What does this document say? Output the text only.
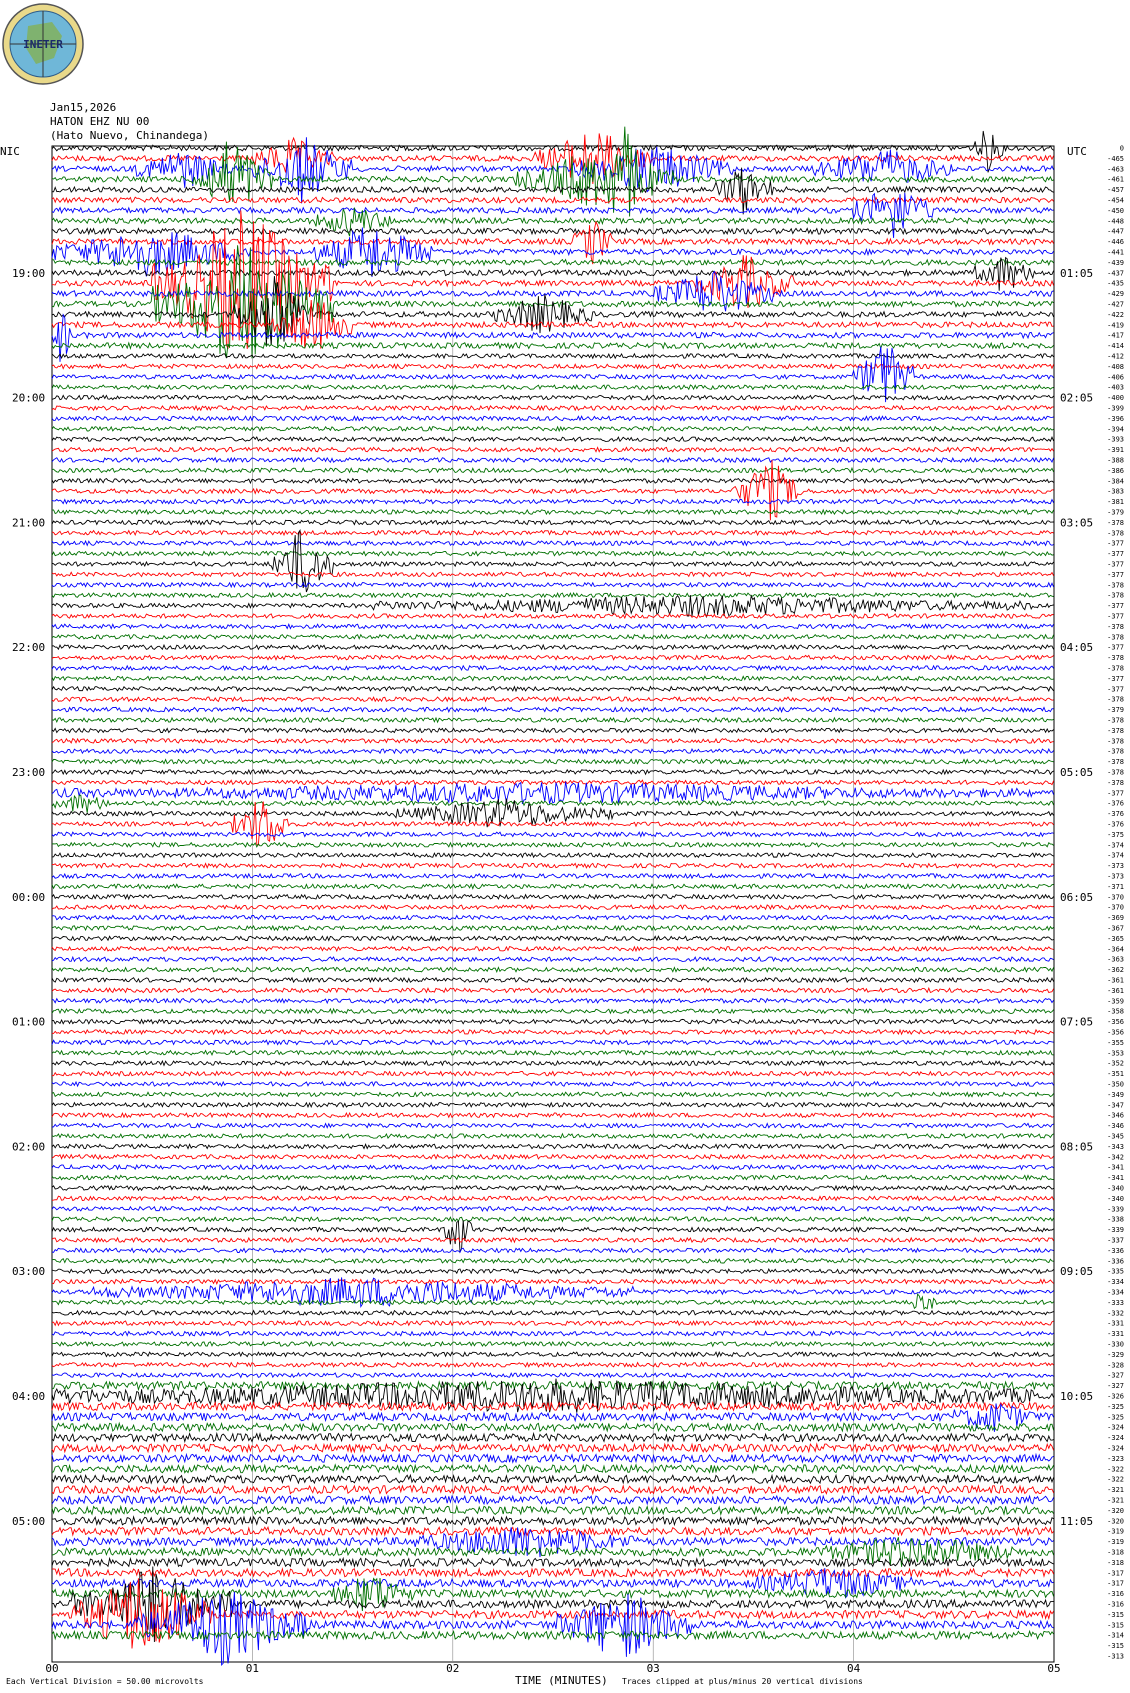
INETER
Jan15,2026
HATON EHZ NU 00
(Hato Nuevo, Chinandega)
NIC	UTC
19:00
20:00
21:00
22:00
23:00
00:00
01:00
02:00
03:00
04:00
05:00
01:05
02:05
03:05
04:05
05:05
06:05
07:05
08:05
09:05
10:05
11:05
0
-465
-463
-461
-457
-454
-450
-448
-447
-446
-441
-439
-437
-435
-429
-427
-422
-419
-417
-414
-412
-408
-406
-403
-400
-399
-396
-394
-393
-391
-388
-386
-384
-383
-381
-379
-378
-378
-377
-377
-377
-377
-378
-378
-377
-377
-378
-378
-377
-378
-378
-377
-377
-378
-379
-378
-378
-378
-378
-378
-378
-378
-377
-376
-376
-376
-375
-374
-374
-373
-373
-371
-370
-370
-369
-367
-365
-364
-363
-362
-361
-361
-359
-358
-356
-356
-355
-353
-352
-351
-350
-349
-347
-346
-346
-345
-343
-342
-341
-341
-340
-340
-339
-338
-339
-337
-336
-336
-335
-334
-334
-333
-332
-331
-331
-330
-329
-328
-327
-327
-326
-325
-325
-324
-324
-324
-323
-322
-322
-321
-321
-320
-320
-319
-319
-318
-318
-317
-317
-316
-316
-315
-315
-314
-315
-313
00	01	02	03	04	05
Each Vertical Division = 50.00 microvolts	TIME (MINUTES) Traces clipped at plus/minus 20 vertical divisions
